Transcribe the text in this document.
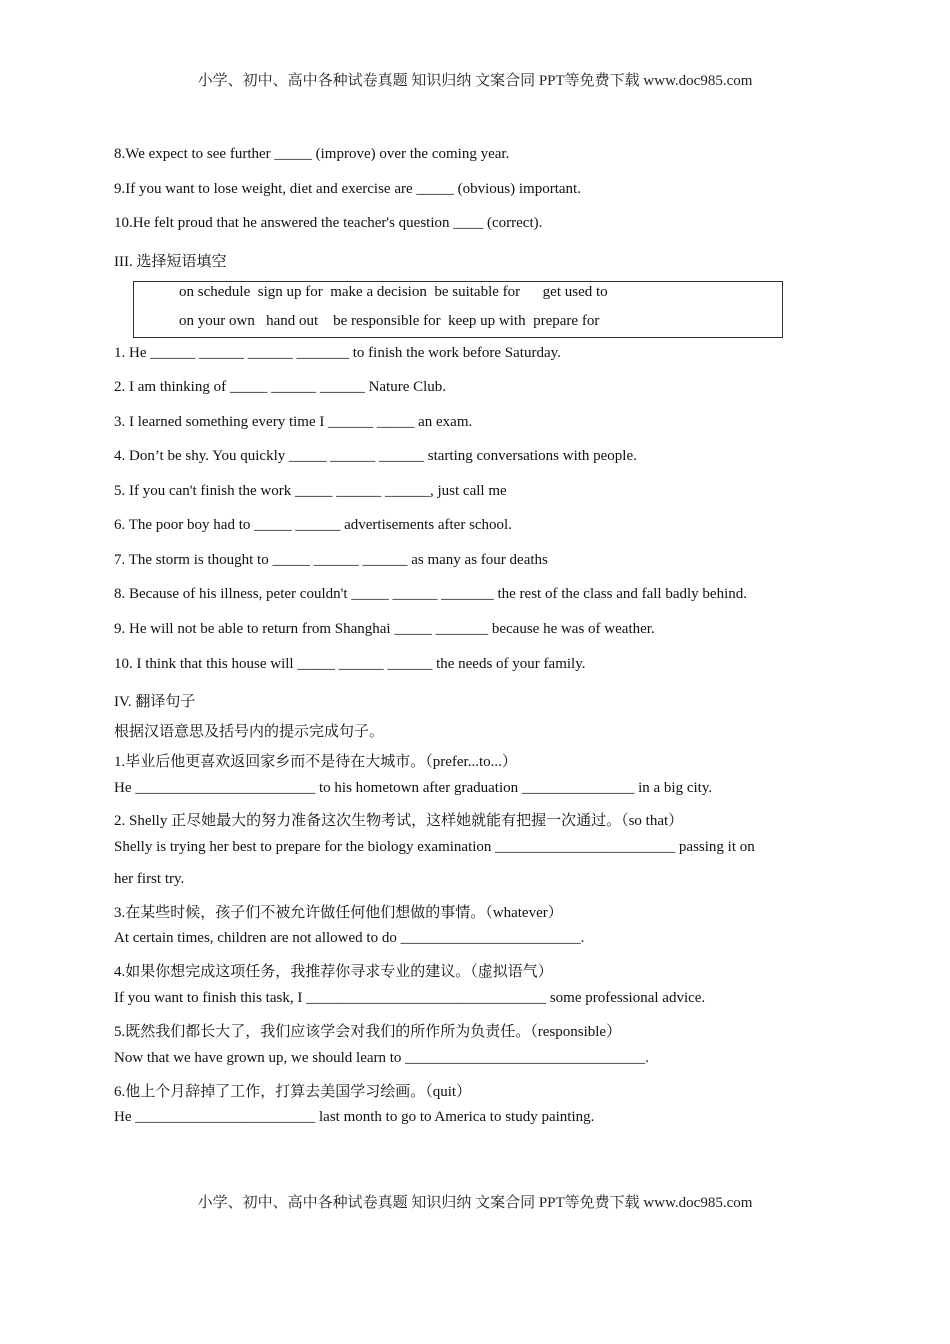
小学、初中、高中各种试卷真题 知识归纳 文案合同 PPT等免费下载 www.doc985.com
8.We expect to see further _____ (improve) over the coming year.
9.If you want to lose weight, diet and exercise are _____ (obvious) important.
10.He felt proud that he answered the teacher's question ____ (correct).
III. 选择短语填空
on schedule  sign up for  make a decision  be suitable for      get used to
on your own   hand out    be responsible for  keep up with  prepare for
1. He ______ ______ ______ _______ to finish the work before Saturday.
2. I am thinking of _____ ______ ______ Nature Club.
3. I learned something every time I ______ _____ an exam.
4. Don’t be shy. You quickly _____ ______ ______ starting conversations with people.
5. If you can't finish the work _____ ______ ______, just call me
6. The poor boy had to _____ ______ advertisements after school.
7. The storm is thought to _____ ______ ______ as many as four deaths
8. Because of his illness, peter couldn't _____ ______ _______ the rest of the class and fall badly behind.
9. He will not be able to return from Shanghai _____ _______ because he was of weather.
10. I think that this house will _____ ______ ______ the needs of your family.
IV. 翻译句子
根据汉语意思及括号内的提示完成句子。
1.毕业后他更喜欢返回家乡而不是待在大城市。（prefer...to...）
He ________________________ to his hometown after graduation _______________ in a big city.
2. Shelly 正尽她最大的努力准备这次生物考试，这样她就能有把握一次通过。（so that）
Shelly is trying her best to prepare for the biology examination ________________________ passing it on
her first try.
3.在某些时候，孩子们不被允许做任何他们想做的事情。（whatever）
At certain times, children are not allowed to do ________________________.
4.如果你想完成这项任务，我推荐你寻求专业的建议。（虚拟语气）
If you want to finish this task, I ________________________________ some professional advice.
5.既然我们都长大了，我们应该学会对我们的所作所为负责任。（responsible）
Now that we have grown up, we should learn to ________________________________.
6.他上个月辞掉了工作，打算去美国学习绘画。（quit）
He ________________________ last month to go to America to study painting.
小学、初中、高中各种试卷真题 知识归纳 文案合同 PPT等免费下载 www.doc985.com
